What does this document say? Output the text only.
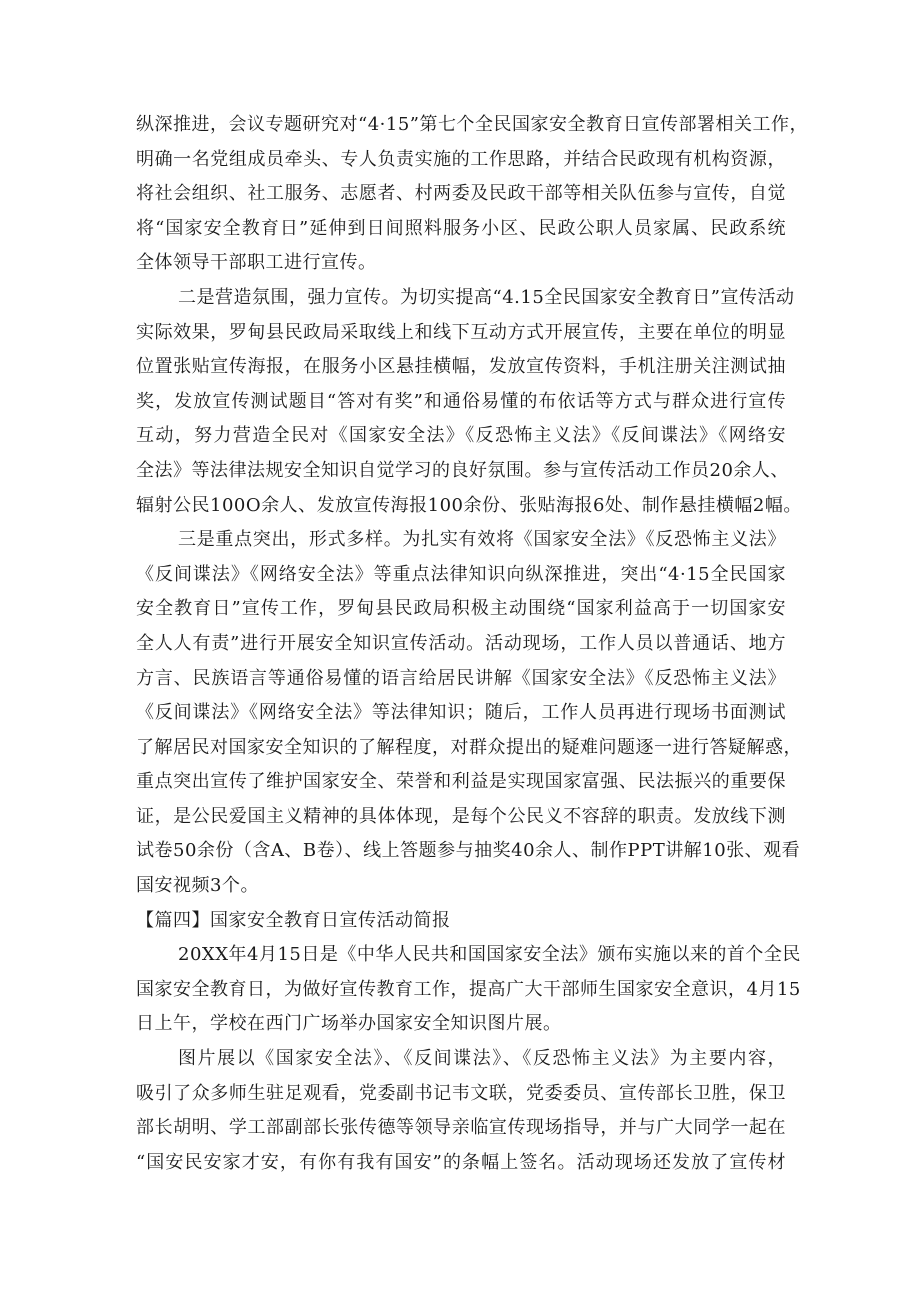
纵深推进，会议专题研究对“4·15”第七个全民国家安全教育日宣传部署相关工作，
明确一名党组成员牵头、专人负责实施的工作思路，并结合民政现有机构资源，
将社会组织、社工服务、志愿者、村两委及民政干部等相关队伍参与宣传，自觉
将“国家安全教育日”延伸到日间照料服务小区、民政公职人员家属、民政系统
全体领导干部职工进行宣传。
二是营造氛围，强力宣传。为切实提高“4.15全民国家安全教育日”宣传活动
实际效果，罗甸县民政局采取线上和线下互动方式开展宣传，主要在单位的明显
位置张贴宣传海报，在服务小区悬挂横幅，发放宣传资料，手机注册关注测试抽
奖，发放宣传测试题目“答对有奖”和通俗易懂的布依话等方式与群众进行宣传
互动，努力营造全民对《国家安全法》《反恐怖主义法》《反间谍法》《网络安
全法》等法律法规安全知识自觉学习的良好氛围。参与宣传活动工作员20余人、
辐射公民100O余人、发放宣传海报100余份、张贴海报6处、制作悬挂横幅2幅。
三是重点突出，形式多样。为扎实有效将《国家安全法》《反恐怖主义法》
《反间谍法》《网络安全法》等重点法律知识向纵深推进，突出“4·15全民国家
安全教育日”宣传工作，罗甸县民政局积极主动围绕“国家利益高于一切国家安
全人人有责”进行开展安全知识宣传活动。活动现场，工作人员以普通话、地方
方言、民族语言等通俗易懂的语言给居民讲解《国家安全法》《反恐怖主义法》
《反间谍法》《网络安全法》等法律知识；随后，工作人员再进行现场书面测试
了解居民对国家安全知识的了解程度，对群众提出的疑难问题逐一进行答疑解惑，
重点突出宣传了维护国家安全、荣誉和利益是实现国家富强、民法振兴的重要保
证，是公民爱国主义精神的具体体现，是每个公民义不容辞的职责。发放线下测
试卷50余份（含A、B卷）、线上答题参与抽奖40余人、制作PPT讲解10张、观看
国安视频3个。
【篇四】国家安全教育日宣传活动简报
20XX年4月15日是《中华人民共和国国家安全法》颁布实施以来的首个全民
国家安全教育日，为做好宣传教育工作，提高广大干部师生国家安全意识，4月15
日上午，学校在西门广场举办国家安全知识图片展。
图片展以《国家安全法》、《反间谍法》、《反恐怖主义法》为主要内容，
吸引了众多师生驻足观看，党委副书记韦文联，党委委员、宣传部长卫胜，保卫
部长胡明、学工部副部长张传德等领导亲临宣传现场指导，并与广大同学一起在
“国安民安家才安，有你有我有国安”的条幅上签名。活动现场还发放了宣传材
